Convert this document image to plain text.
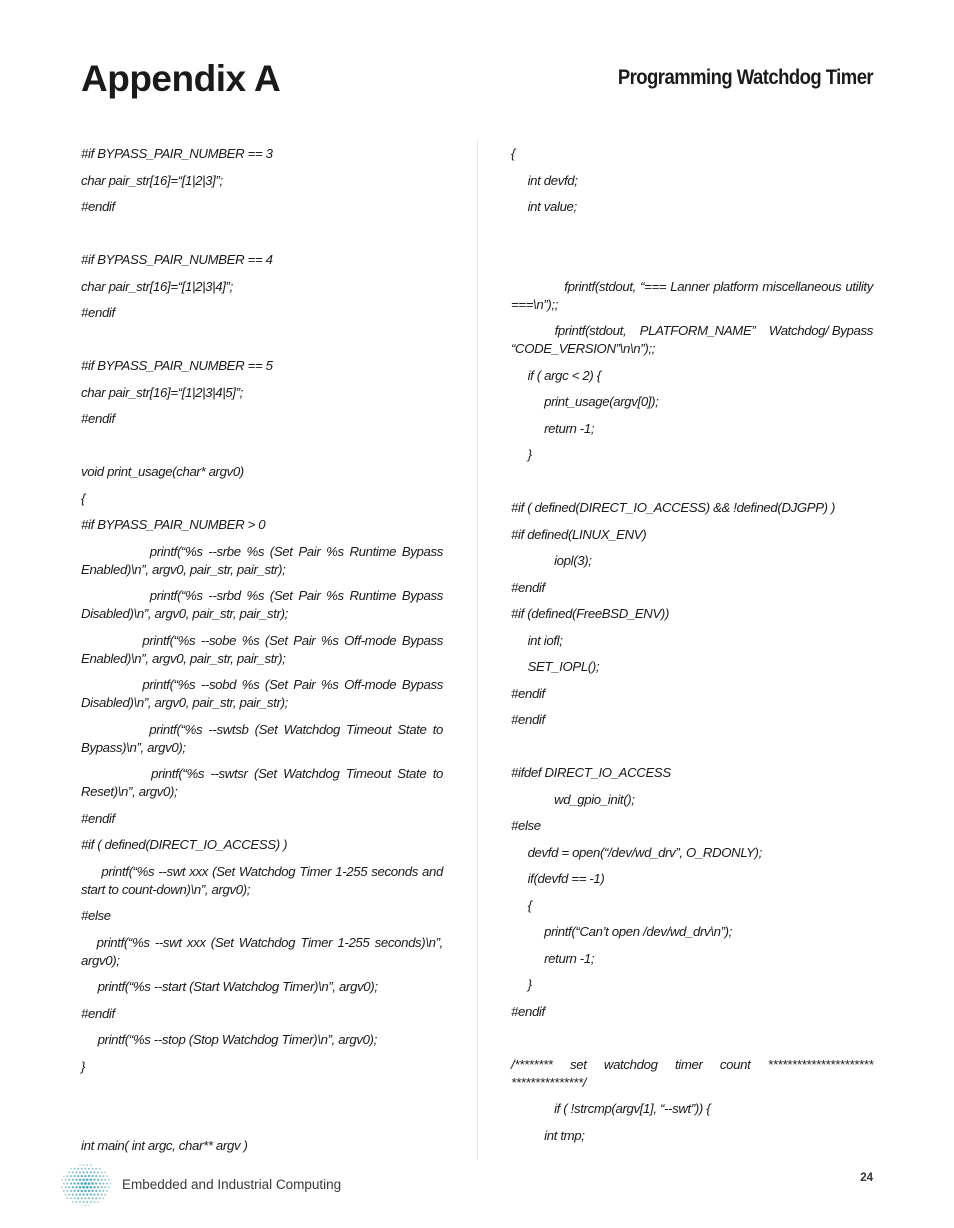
Appendix A	Programming Watchdog Timer

#if BYPASS_PAIR_NUMBER == 3

char pair_str[16]=“[1|2|3]”;

#endif

#if BYPASS_PAIR_NUMBER == 4

char pair_str[16]=“[1|2|3|4]”;

#endif

#if BYPASS_PAIR_NUMBER == 5

char pair_str[16]=“[1|2|3|4|5]”;

#endif

void print_usage(char* argv0)

{

#if BYPASS_PAIR_NUMBER > 0

printf(“%s --srbe %s (Set Pair %s Runtime Bypass Enabled)\n”, argv0, pair_str, pair_str);

printf(“%s --srbd %s (Set Pair %s Runtime Bypass Disabled)\n”, argv0, pair_str, pair_str);

printf(“%s --sobe %s (Set Pair %s Off-mode Bypass Enabled)\n”, argv0, pair_str, pair_str);

printf(“%s --sobd %s (Set Pair %s Off-mode Bypass Disabled)\n”, argv0, pair_str, pair_str);

printf(“%s --swtsb (Set Watchdog Timeout State to Bypass)\n”, argv0);

printf(“%s --swtsr (Set Watchdog Timeout State to Reset)\n”, argv0);

#endif

#if ( defined(DIRECT_IO_ACCESS) )

printf(“%s --swt xxx (Set Watchdog Timer 1-255 seconds and start to count-down)\n”, argv0);

#else

printf(“%s --swt xxx (Set Watchdog Timer 1-255 seconds)\n”, argv0);

printf(“%s --start (Start Watchdog Timer)\n”, argv0);

#endif

printf(“%s --stop (Stop Watchdog Timer)\n”, argv0);

}

int main( int argc, char** argv )

{

int devfd;

int value;

fprintf(stdout, “=== Lanner platform miscellaneous utility ===\n”);;

fprintf(stdout,    PLATFORM_NAME”    Watchdog/ Bypass “CODE_VERSION”\n\n”);;

if ( argc < 2) {

print_usage(argv[0]);

return -1;

}

#if ( defined(DIRECT_IO_ACCESS) && !defined(DJGPP) )

#if defined(LINUX_ENV)

iopl(3);

#endif

#if (defined(FreeBSD_ENV))

int iofl;

SET_IOPL();

#endif

#endif

#ifdef DIRECT_IO_ACCESS

wd_gpio_init();

#else

devfd = open(“/dev/wd_drv”, O_RDONLY);

if(devfd == -1)

{

printf(“Can’t open /dev/wd_drv\n”);

return -1;

}

#endif

/******** set watchdog timer count ********************** ***************/

if ( !strcmp(argv[1], “--swt”)) {

int tmp;

Embedded and Industrial Computing	24
